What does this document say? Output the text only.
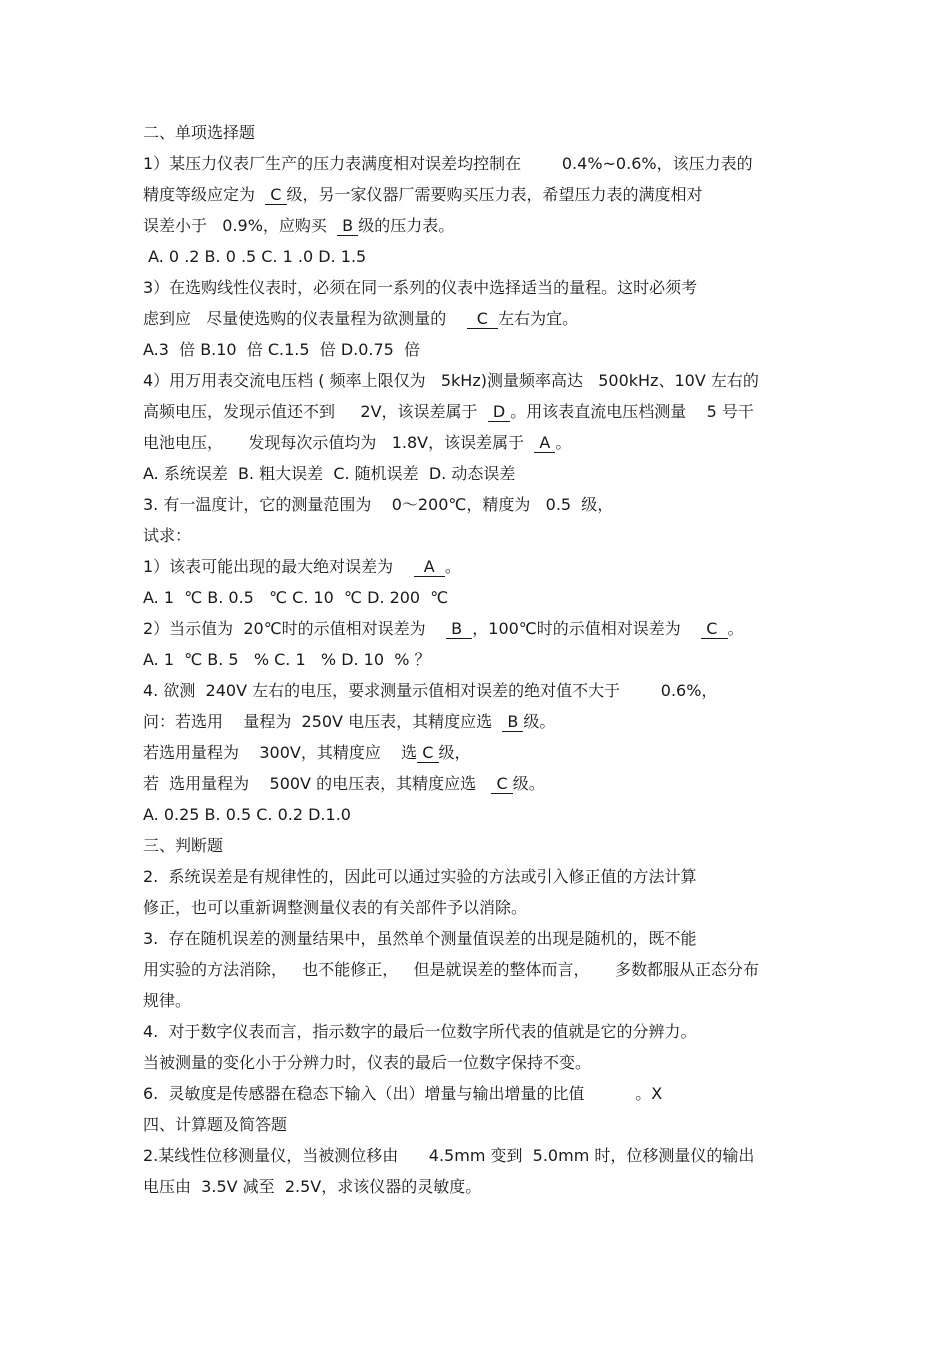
二、单项选择题
1）某压力仪表厂生产的压力表满度相对误差均控制在        0.4%~0.6%，该压力表的
精度等级应定为   C 级，另一家仪器厂需要购买压力表，希望压力表的满度相对
误差小于   0.9%，应购买   B 级的压力表。
A. 0 .2 B. 0 .5 C. 1 .0 D. 1.5
3）在选购线性仪表时，必须在同一系列的仪表中选择适当的量程。这时必须考
虑到应   尽量使选购的仪表量程为欲测量的      C  左右为宜。
A.3  倍 B.10  倍 C.1.5  倍 D.0.75  倍
4）用万用表交流电压档 ( 频率上限仅为   5kHz)测量频率高达   500kHz、10V 左右的
高频电压，发现示值还不到     2V，该误差属于   D 。用该表直流电压档测量    5 号干
电池电压，     发现每次示值均为   1.8V，该误差属于   A 。
A. 系统误差  B. 粗大误差  C. 随机误差  D. 动态误差
3. 有一温度计，它的测量范围为    0～200℃，精度为   0.5  级，
试求：
1）该表可能出现的最大绝对误差为      A  。
A. 1  ℃ B. 0.5   ℃ C. 10  ℃ D. 200  ℃
2）当示值为  20℃时的示值相对误差为     B  ，100℃时的示值相对误差为     C  。
A. 1  ℃ B. 5   % C. 1   % D. 10  % ？
4. 欲测  240V 左右的电压，要求测量示值相对误差的绝对值不大于        0.6%，
问：若选用    量程为  250V 电压表，其精度应选   B 级。
若选用量程为    300V，其精度应    选 C 级，
若  选用量程为    500V 的电压表，其精度应选    C 级。
A. 0.25 B. 0.5 C. 0.2 D.1.0
三、判断题
2.  系统误差是有规律性的，因此可以通过实验的方法或引入修正值的方法计算
修正，也可以重新调整测量仪表的有关部件予以消除。
3.  存在随机误差的测量结果中，虽然单个测量值误差的出现是随机的，既不能
用实验的方法消除，   也不能修正，   但是就误差的整体而言，     多数都服从正态分布
规律。
4.  对于数字仪表而言，指示数字的最后一位数字所代表的值就是它的分辨力。
当被测量的变化小于分辨力时，仪表的最后一位数字保持不变。
6.  灵敏度是传感器在稳态下输入（出）增量与输出增量的比值          。X
四、计算题及简答题
2.某线性位移测量仪，当被测位移由      4.5mm 变到  5.0mm 时，位移测量仪的输出
电压由  3.5V 减至  2.5V，求该仪器的灵敏度。
